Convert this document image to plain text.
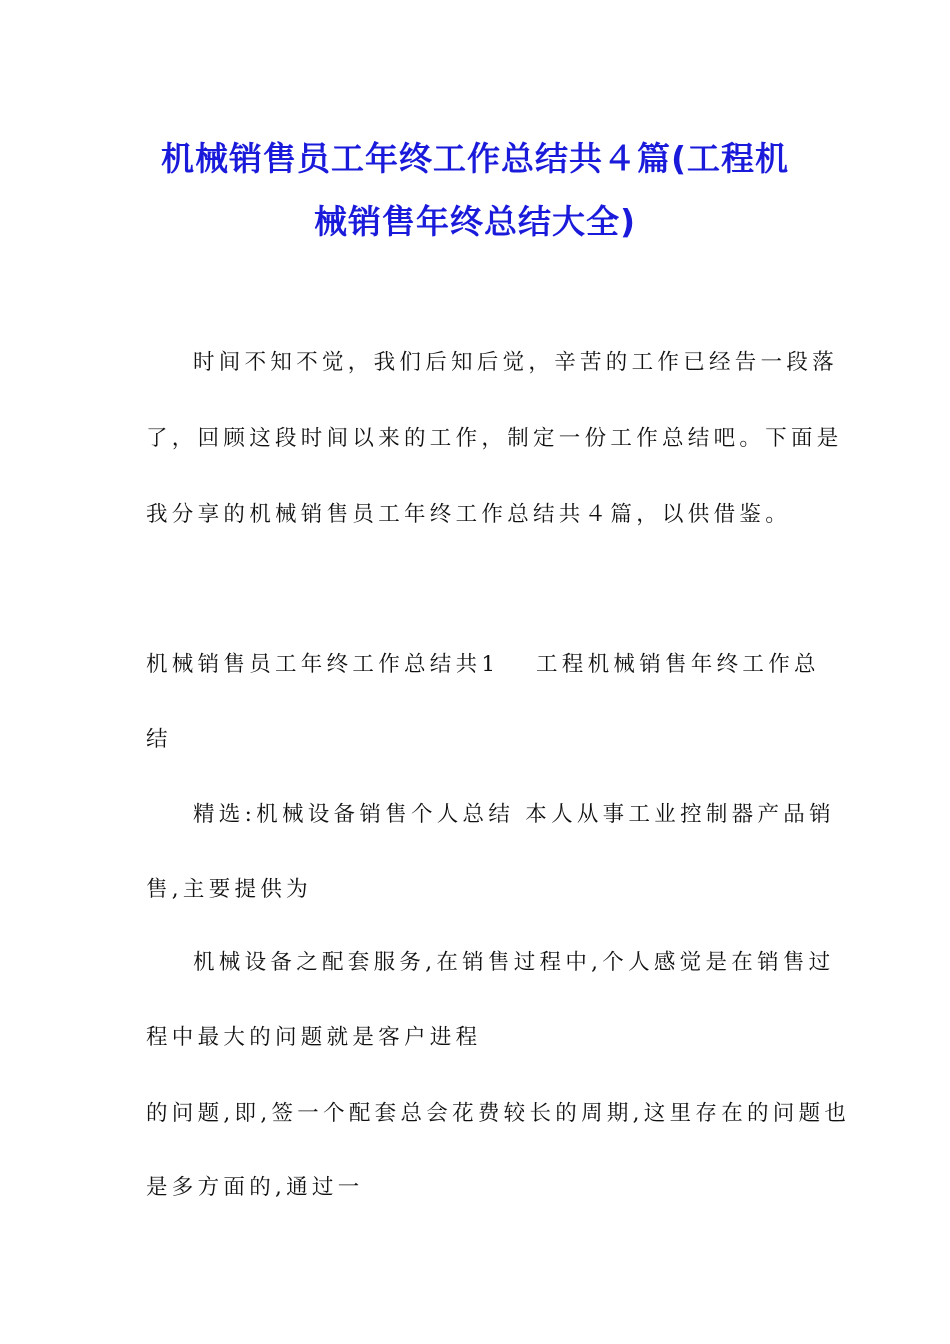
机械销售员工年终工作总结共４篇(工程机
械销售年终总结大全)
时间不知不觉，我们后知后觉，辛苦的工作已经告一段落
了，回顾这段时间以来的工作，制定一份工作总结吧。下面是
我分享的机械销售员工年终工作总结共４篇，以供借鉴。
机械销售员工年终工作总结共1 工程机械销售年终工作总
结
精选:机械设备销售个人总结 本人从事工业控制器产品销
售,主要提供为
机械设备之配套服务,在销售过程中,个人感觉是在销售过
程中最大的问题就是客户进程
的问题,即,签一个配套总会花费较长的周期,这里存在的问题也
是多方面的,通过一
